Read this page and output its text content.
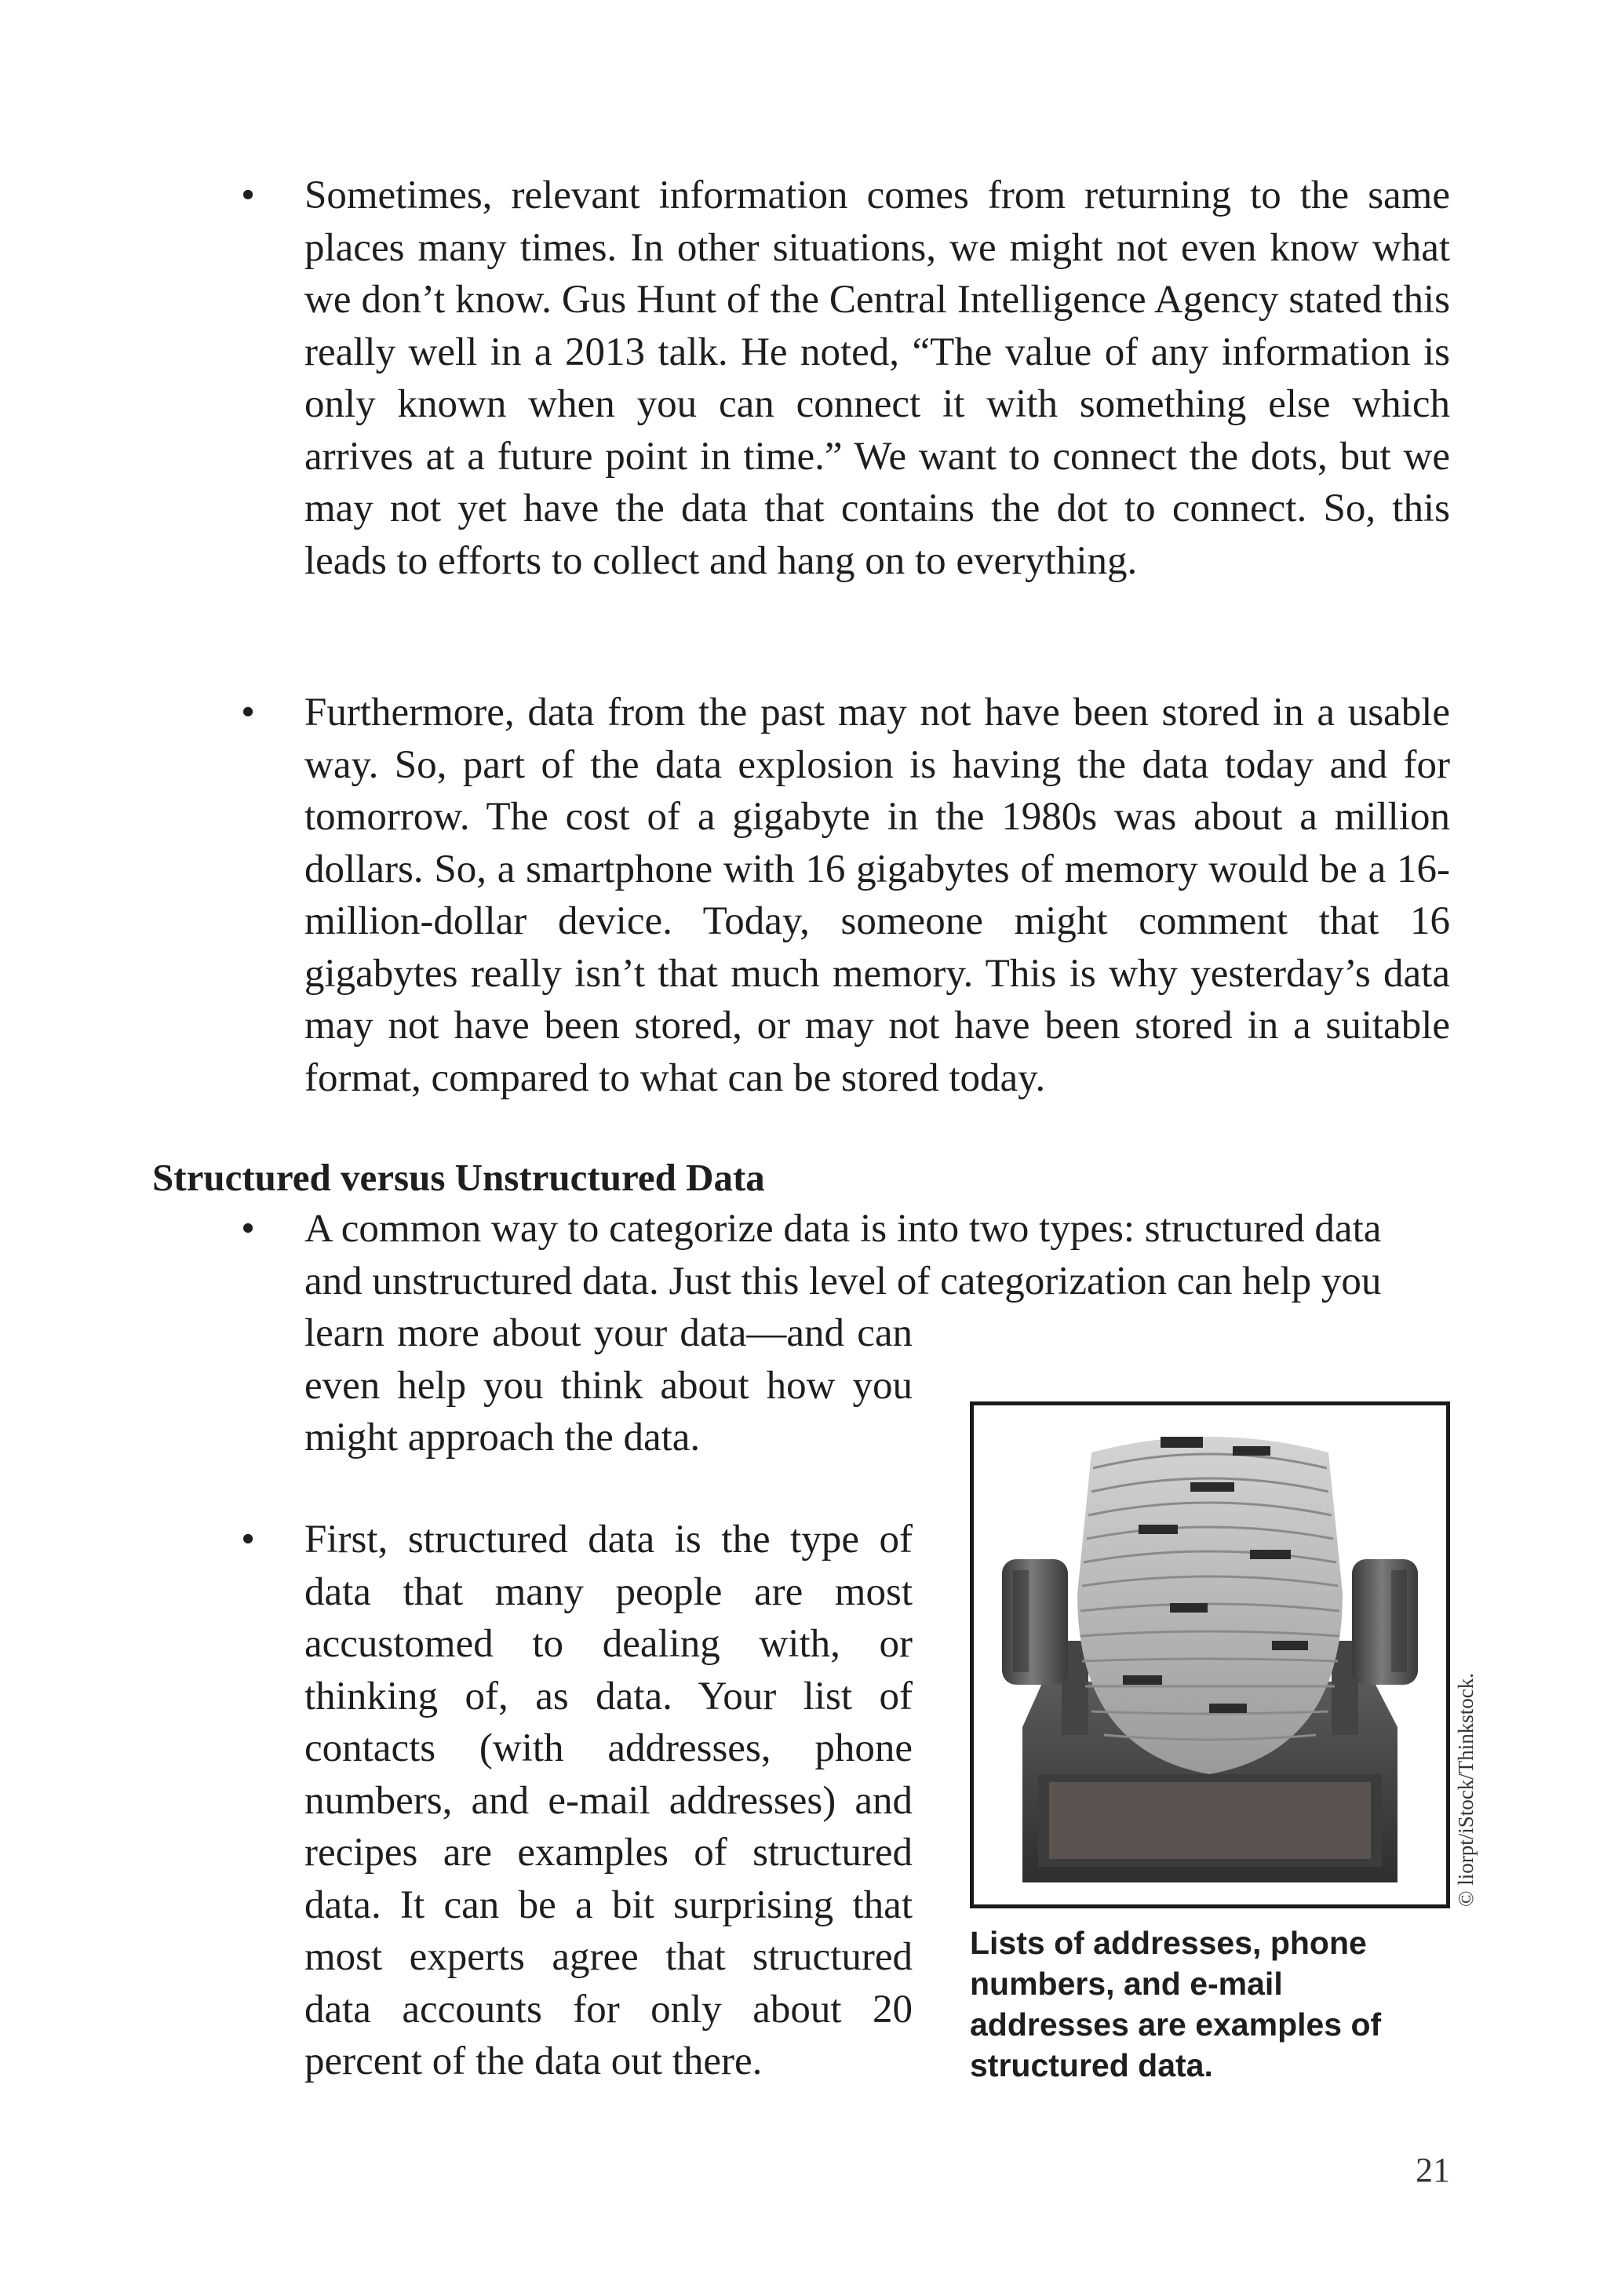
• Sometimes, relevant information comes from returning to the same places many times. In other situations, we might not even know what we don’t know. Gus Hunt of the Central Intelligence Agency stated this really well in a 2013 talk. He noted, “The value of any information is only known when you can connect it with something else which arrives at a future point in time.” We want to connect the dots, but we may not yet have the data that contains the dot to connect. So, this leads to efforts to collect and hang on to everything.
• Furthermore, data from the past may not have been stored in a usable way. So, part of the data explosion is having the data today and for tomorrow. The cost of a gigabyte in the 1980s was about a million dollars. So, a smartphone with 16 gigabytes of memory would be a 16-million-dollar device. Today, someone might comment that 16 gigabytes really isn’t that much memory. This is why yesterday’s data may not have been stored, or may not have been stored in a suitable format, compared to what can be stored today.
Structured versus Unstructured Data
• A common way to categorize data is into two types: structured data
and unstructured data. Just this level of categorization can help you
learn more about your data—and can even help you think about how you might approach the data.
• First, structured data is the type of data that many people are most accustomed to dealing with, or thinking of, as data. Your list of contacts (with addresses, phone numbers, and e-mail addresses) and recipes are examples of structured data. It can be a bit surprising that most experts agree that structured data accounts for only about 20 percent of the data out there.
© liorpt/iStock/Thinkstock.
Lists of addresses, phone numbers, and e-mail addresses are examples of structured data.
21
